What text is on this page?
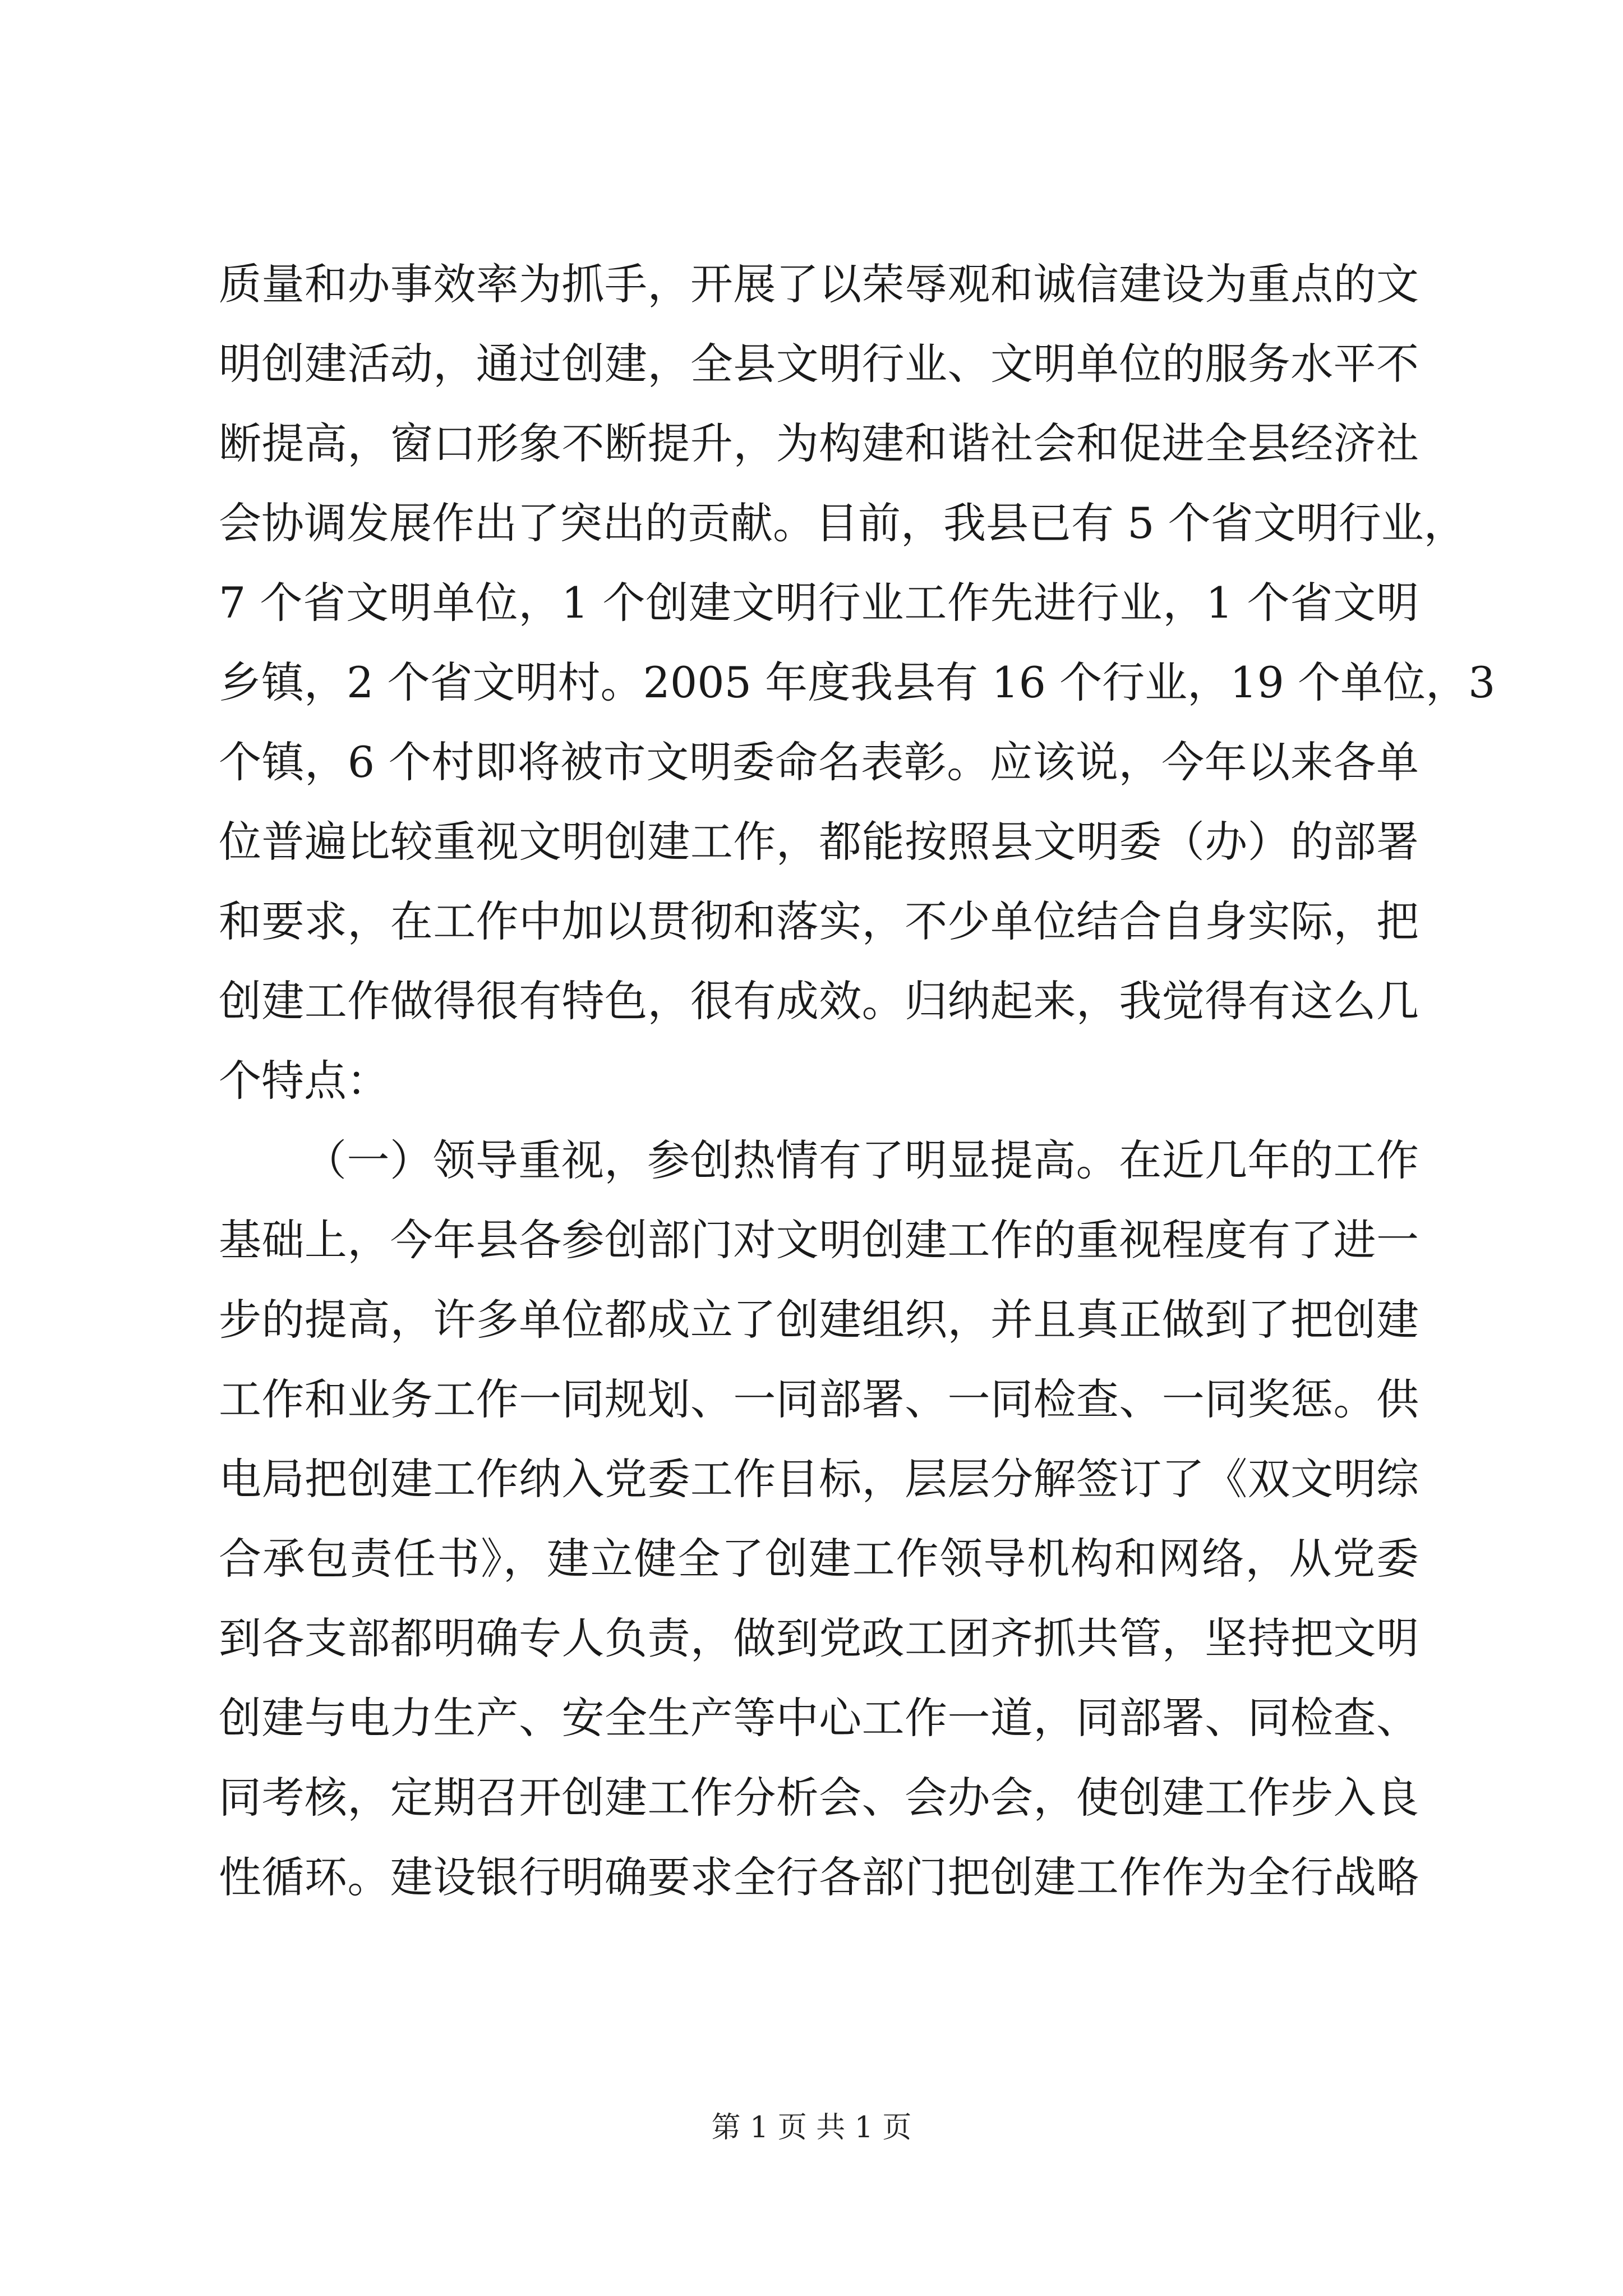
质量和办事效率为抓手，开展了以荣辱观和诚信建设为重点的文
明创建活动，通过创建，全县文明行业、文明单位的服务水平不
断提高，窗口形象不断提升，为构建和谐社会和促进全县经济社
会协调发展作出了突出的贡献。目前，我县已有 5 个省文明行业，
7 个省文明单位，1 个创建文明行业工作先进行业，1 个省文明
乡镇，2 个省文明村。2005 年度我县有 16 个行业，19 个单位，3
个镇，6 个村即将被市文明委命名表彰。应该说，今年以来各单
位普遍比较重视文明创建工作，都能按照县文明委（办）的部署
和要求，在工作中加以贯彻和落实，不少单位结合自身实际，把
创建工作做得很有特色，很有成效。归纳起来，我觉得有这么几
个特点：
（一）领导重视，参创热情有了明显提高。在近几年的工作
基础上，今年县各参创部门对文明创建工作的重视程度有了进一
步的提高，许多单位都成立了创建组织，并且真正做到了把创建
工作和业务工作一同规划、一同部署、一同检查、一同奖惩。供
电局把创建工作纳入党委工作目标，层层分解签订了《双文明综
合承包责任书》，建立健全了创建工作领导机构和网络，从党委
到各支部都明确专人负责，做到党政工团齐抓共管，坚持把文明
创建与电力生产、安全生产等中心工作一道，同部署、同检查、
同考核，定期召开创建工作分析会、会办会，使创建工作步入良
性循环。建设银行明确要求全行各部门把创建工作作为全行战略
第 1 页 共 1 页
